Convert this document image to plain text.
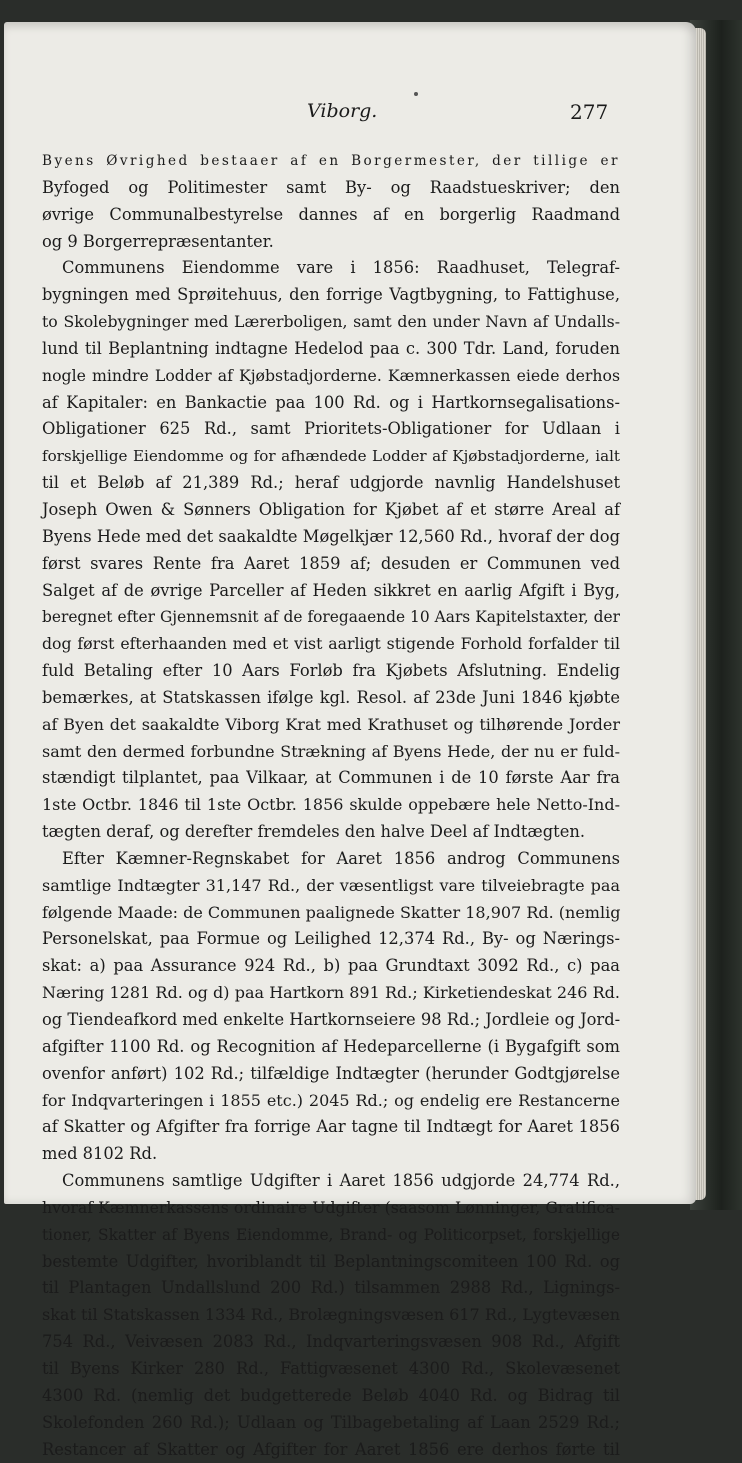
Viborg.	277
Byens Øvrighed bestaaer af en Borgermester, der tillige er
Byfoged og Politimester samt By- og Raadstueskriver; den
øvrige Communalbestyrelse dannes af en borgerlig Raadmand
og 9 Borgerrepræsentanter.
Communens Eiendomme vare i 1856: Raadhuset, Telegraf-
bygningen med Sprøitehuus, den forrige Vagtbygning, to Fattighuse,
to Skolebygninger med Lærerboligen, samt den under Navn af Undalls-
lund til Beplantning indtagne Hedelod paa c. 300 Tdr. Land, foruden
nogle mindre Lodder af Kjøbstadjorderne. Kæmnerkassen eiede derhos
af Kapitaler: en Bankactie paa 100 Rd. og i Hartkornsegalisations-
Obligationer 625 Rd., samt Prioritets-Obligationer for Udlaan i
forskjellige Eiendomme og for afhændede Lodder af Kjøbstadjorderne, ialt
til et Beløb af 21,389 Rd.; heraf udgjorde navnlig Handelshuset
Joseph Owen & Sønners Obligation for Kjøbet af et større Areal af
Byens Hede med det saakaldte Møgelkjær 12,560 Rd., hvoraf der dog
først svares Rente fra Aaret 1859 af; desuden er Communen ved
Salget af de øvrige Parceller af Heden sikkret en aarlig Afgift i Byg,
beregnet efter Gjennemsnit af de foregaaende 10 Aars Kapitelstaxter, der
dog først efterhaanden med et vist aarligt stigende Forhold forfalder til
fuld Betaling efter 10 Aars Forløb fra Kjøbets Afslutning. Endelig
bemærkes, at Statskassen ifølge kgl. Resol. af 23de Juni 1846 kjøbte
af Byen det saakaldte Viborg Krat med Krathuset og tilhørende Jorder
samt den dermed forbundne Strækning af Byens Hede, der nu er fuld-
stændigt tilplantet, paa Vilkaar, at Communen i de 10 første Aar fra
1ste Octbr. 1846 til 1ste Octbr. 1856 skulde oppebære hele Netto-Ind-
tægten deraf, og derefter fremdeles den halve Deel af Indtægten.
Efter Kæmner-Regnskabet for Aaret 1856 androg Communens
samtlige Indtægter 31,147 Rd., der væsentligst vare tilveiebragte paa
følgende Maade: de Communen paalignede Skatter 18,907 Rd. (nemlig
Personelskat, paa Formue og Leilighed 12,374 Rd., By- og Nærings-
skat: a) paa Assurance 924 Rd., b) paa Grundtaxt 3092 Rd., c) paa
Næring 1281 Rd. og d) paa Hartkorn 891 Rd.; Kirketiendeskat 246 Rd.
og Tiendeafkord med enkelte Hartkornseiere 98 Rd.; Jordleie og Jord-
afgifter 1100 Rd. og Recognition af Hedeparcellerne (i Bygafgift som
ovenfor anført) 102 Rd.; tilfældige Indtægter (herunder Godtgjørelse
for Indqvarteringen i 1855 etc.) 2045 Rd.; og endelig ere Restancerne
af Skatter og Afgifter fra forrige Aar tagne til Indtægt for Aaret 1856
med 8102 Rd.
Communens samtlige Udgifter i Aaret 1856 udgjorde 24,774 Rd.,
hvoraf Kæmnerkassens ordinaire Udgifter (saasom Lønninger, Gratifica-
tioner, Skatter af Byens Eiendomme, Brand- og Politicorpset, forskjellige
bestemte Udgifter, hvoriblandt til Beplantningscomiteen 100 Rd. og
til Plantagen Undallslund 200 Rd.) tilsammen 2988 Rd., Lignings-
skat til Statskassen 1334 Rd., Brolægningsvæsen 617 Rd., Lygtevæsen
754 Rd., Veivæsen 2083 Rd., Indqvarteringsvæsen 908 Rd., Afgift
til Byens Kirker 280 Rd., Fattigvæsenet 4300 Rd., Skolevæsenet
4300 Rd. (nemlig det budgetterede Beløb 4040 Rd. og Bidrag til
Skolefonden 260 Rd.); Udlaan og Tilbagebetaling af Laan 2529 Rd.;
Restancer af Skatter og Afgifter for Aaret 1856 ere derhos førte til
